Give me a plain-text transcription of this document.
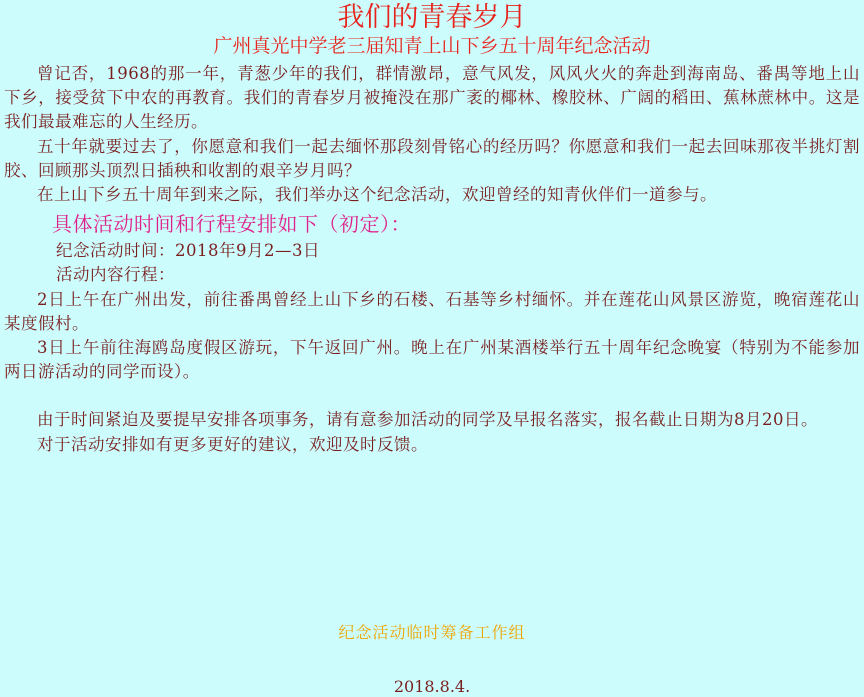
我们的青春岁月
广州真光中学老三届知青上山下乡五十周年纪念活动

曾记否，1968的那一年，青葱少年的我们，群情激昂，意气风发，风风火火的奔赴到海南岛、番禺等地上山下乡，接受贫下中农的再教育。我们的青春岁月被掩没在那广袤的椰林、橡胶林、广阔的稻田、蕉林蔗林中。这是我们最最难忘的人生经历。

五十年就要过去了，你愿意和我们一起去缅怀那段刻骨铭心的经历吗？你愿意和我们一起去回味那夜半挑灯割胶、回顾那头顶烈日插秧和收割的艰辛岁月吗？

在上山下乡五十周年到来之际，我们举办这个纪念活动，欢迎曾经的知青伙伴们一道参与。

具体活动时间和行程安排如下（初定）：

纪念活动时间：2018年9月2—3日

活动内容行程：

2日上午在广州出发，前往番禺曾经上山下乡的石楼、石基等乡村缅怀。并在莲花山风景区游览，晚宿莲花山某度假村。

3日上午前往海鸥岛度假区游玩，下午返回广州。晚上在广州某酒楼举行五十周年纪念晚宴（特别为不能参加两日游活动的同学而设）。

由于时间紧迫及要提早安排各项事务，请有意参加活动的同学及早报名落实，报名截止日期为8月20日。

对于活动安排如有更多更好的建议，欢迎及时反馈。

纪念活动临时筹备工作组
2018.8.4.
